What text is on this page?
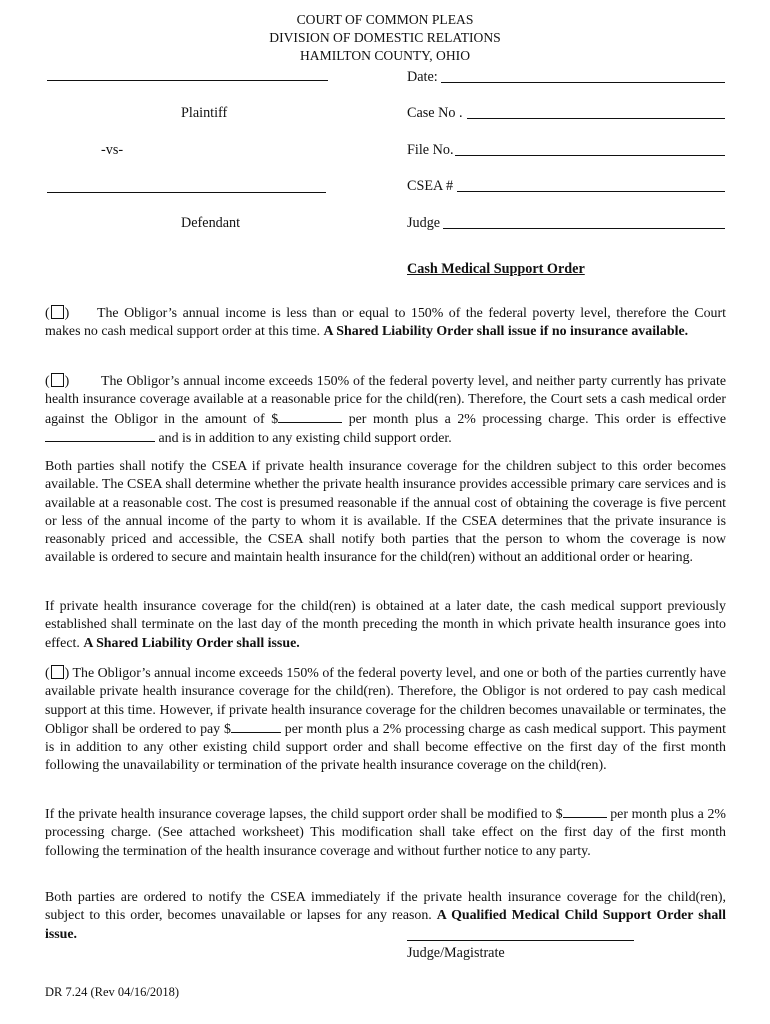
COURT OF COMMON PLEAS
DIVISION OF DOMESTIC RELATIONS
HAMILTON COUNTY, OHIO
Plaintiff
-vs-
Defendant
Date:
Case No .
File No.
CSEA #
Judge
Cash Medical Support Order
( ) The Obligor’s annual income is less than or equal to 150% of the federal poverty level, therefore the Court makes no cash medical support order at this time. A Shared Liability Order shall issue if no insurance available.
( ) The Obligor’s annual income exceeds 150% of the federal poverty level, and neither party currently has private health insurance coverage available at a reasonable price for the child(ren). Therefore, the Court sets a cash medical order against the Obligor in the amount of $	per month plus a 2% processing charge. This order is effective  and is in addition to any existing child support order.
Both parties shall notify the CSEA if private health insurance coverage for the children subject to this order becomes available. The CSEA shall determine whether the private health insurance provides accessible primary care services and is available at a reasonable cost. The cost is presumed reasonable if the annual cost of obtaining the coverage is five percent or less of the annual income of the party to whom it is available. If the CSEA determines that the private insurance is reasonably priced and accessible, the CSEA shall notify both parties that the person to whom the coverage is now available is ordered to secure and maintain health insurance for the child(ren) without an additional order or hearing.
If private health insurance coverage for the child(ren) is obtained at a later date, the cash medical support previously established shall terminate on the last day of the month preceding the month in which private health insurance goes into effect. A Shared Liability Order shall issue.
( ) The Obligor’s annual income exceeds 150% of the federal poverty level, and one or both of the parties currently have available private health insurance coverage for the child(ren). Therefore, the Obligor is not ordered to pay cash medical support at this time. However, if private health insurance coverage for the children becomes unavailable or terminates, the Obligor shall be ordered to pay $	per month plus a 2% processing charge as cash medical support. This payment is in addition to any other existing child support order and shall become effective on the first day of the first month following the unavailability or termination of the private health insurance coverage on the child(ren).
If the private health insurance coverage lapses, the child support order shall be modified to $	per month plus a 2% processing charge. (See attached worksheet) This modification shall take effect on the first day of the first month following the termination of the health insurance coverage and without further notice to any party.
Both parties are ordered to notify the CSEA immediately if the private health insurance coverage for the child(ren), subject to this order, becomes unavailable or lapses for any reason. A Qualified Medical Child Support Order shall issue.
Judge/Magistrate
DR 7.24 (Rev 04/16/2018)
